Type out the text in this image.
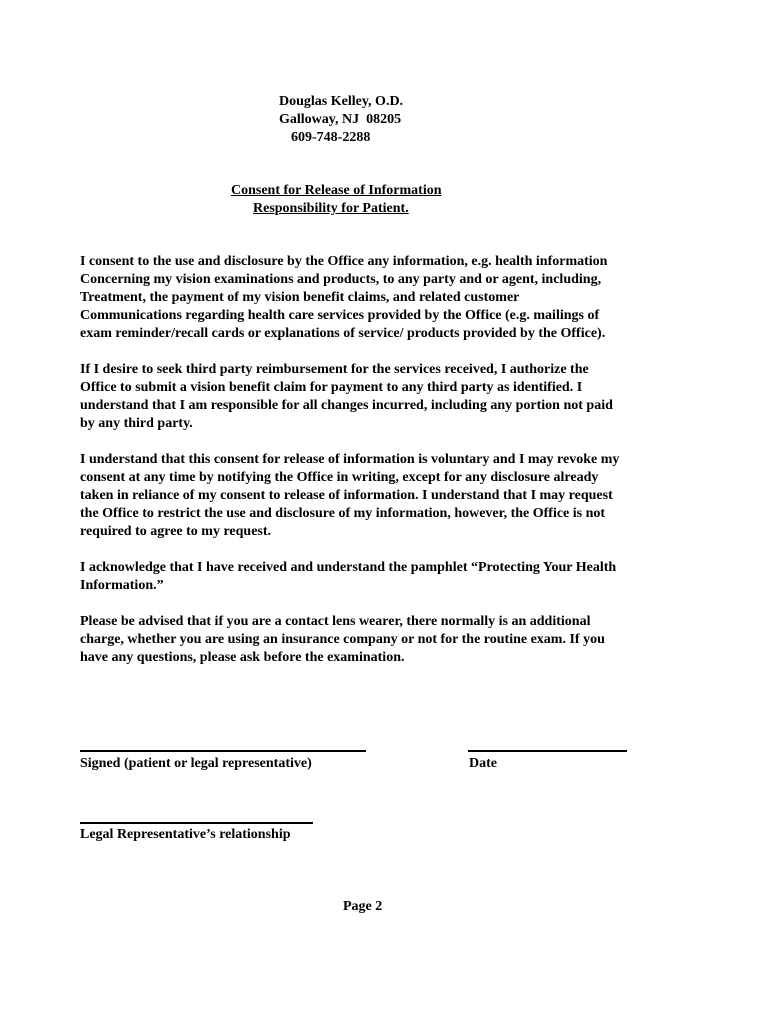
Douglas Kelley, O.D.
Galloway, NJ  08205
609-748-2288
Consent for Release of Information
Responsibility for Patient.
I consent to the use and disclosure by the Office any information, e.g. health information
Concerning my vision examinations and products, to any party and or agent, including,
Treatment, the payment of my vision benefit claims, and related customer
Communications regarding health care services provided by the Office (e.g. mailings of
exam reminder/recall cards or explanations of service/ products provided by the Office).
If I desire to seek third party reimbursement for the services received, I authorize the
Office to submit a vision benefit claim for payment to any third party as identified. I
understand that I am responsible for all changes incurred, including any portion not paid
by any third party.
I understand that this consent for release of information is voluntary and I may revoke my
consent at any time by notifying the Office in writing, except for any disclosure already
taken in reliance of my consent to release of information. I understand that I may request
the Office to restrict the use and disclosure of my information, however, the Office is not
required to agree to my request.
I acknowledge that I have received and understand the pamphlet “Protecting Your Health
Information.”
Please be advised that if you are a contact lens wearer, there normally is an additional
charge, whether you are using an insurance company or not for the routine exam. If you
have any questions, please ask before the examination.
Signed (patient or legal representative)	Date
Legal Representative’s relationship
Page 2
